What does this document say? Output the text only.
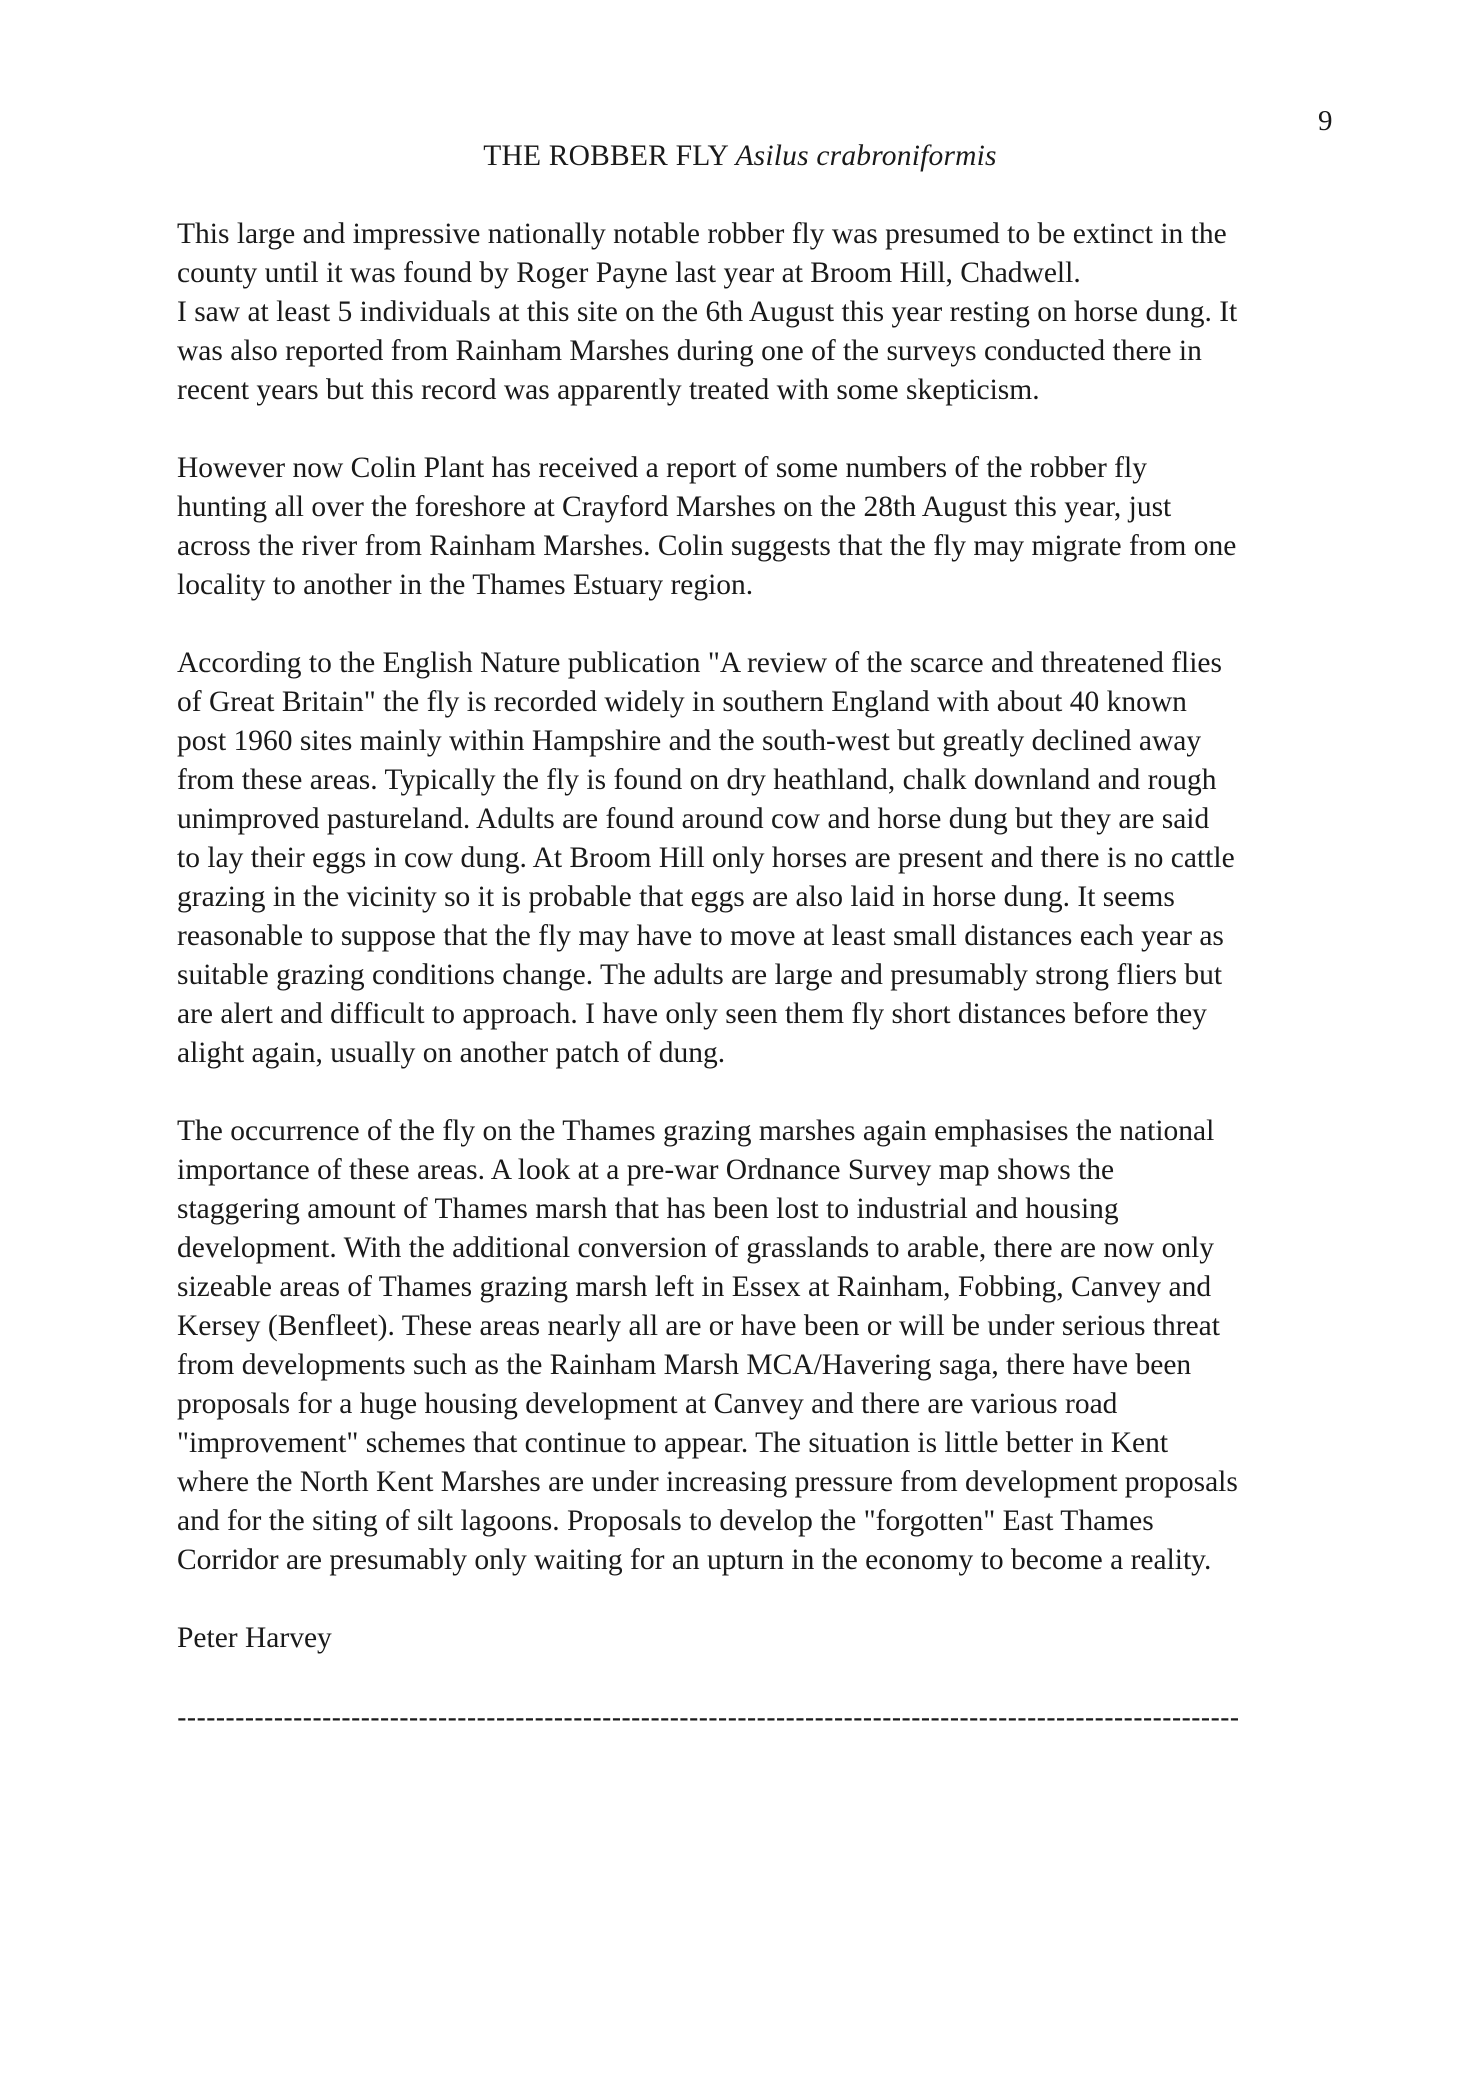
9
THE ROBBER FLY Asilus crabroniformis
This large and impressive nationally notable robber fly was presumed to be extinct in the
county until it was found by Roger Payne last year at Broom Hill, Chadwell.
I saw at least 5 individuals at this site on the 6th August this year resting on horse dung. It
was also reported from Rainham Marshes during one of the surveys conducted there in
recent years but this record was apparently treated with some skepticism.
However now Colin Plant has received a report of some numbers of the robber fly
hunting all over the foreshore at Crayford Marshes on the 28th August this year, just
across the river from Rainham Marshes. Colin suggests that the fly may migrate from one
locality to another in the Thames Estuary region.
According to the English Nature publication "A review of the scarce and threatened flies
of Great Britain" the fly is recorded widely in southern England with about 40 known
post 1960 sites mainly within Hampshire and the south-west but greatly declined away
from these areas. Typically the fly is found on dry heathland, chalk downland and rough
unimproved pastureland. Adults are found around cow and horse dung but they are said
to lay their eggs in cow dung. At Broom Hill only horses are present and there is no cattle
grazing in the vicinity so it is probable that eggs are also laid in horse dung. It seems
reasonable to suppose that the fly may have to move at least small distances each year as
suitable grazing conditions change. The adults are large and presumably strong fliers but
are alert and difficult to approach. I have only seen them fly short distances before they
alight again, usually on another patch of dung.
The occurrence of the fly on the Thames grazing marshes again emphasises the national
importance of these areas. A look at a pre-war Ordnance Survey map shows the
staggering amount of Thames marsh that has been lost to industrial and housing
development. With the additional conversion of grasslands to arable, there are now only
sizeable areas of Thames grazing marsh left in Essex at Rainham, Fobbing, Canvey and
Kersey (Benfleet). These areas nearly all are or have been or will be under serious threat
from developments such as the Rainham Marsh MCA/Havering saga, there have been
proposals for a huge housing development at Canvey and there are various road
"improvement" schemes that continue to appear. The situation is little better in Kent
where the North Kent Marshes are under increasing pressure from development proposals
and for the siting of silt lagoons. Proposals to develop the "forgotten" East Thames
Corridor are presumably only waiting for an upturn in the economy to become a reality.
Peter Harvey
--------------------------------------------------------------------------------------------------------------
